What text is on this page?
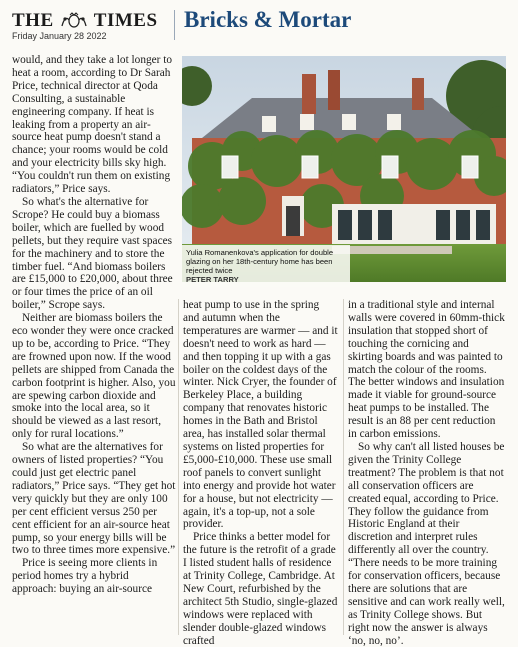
THE TIMES
Friday January 28 2022
Bricks & Mortar
Yulia Romanenkova's application for double glazing on her 18th-century home has been rejected twice
PETER TARRY

would, and they take a lot longer to heat a room, according to Dr Sarah Price, technical director at Qoda Consulting, a sustainable engineering company. If heat is leaking from a property an air-source heat pump doesn't stand a chance; your rooms would be cold and your electricity bills sky high. “You couldn't run them on existing radiators,” Price says.

So what's the alternative for Scrope? He could buy a biomass boiler, which are fuelled by wood pellets, but they require vast spaces for the machinery and to store the timber fuel. “And biomass boilers are £15,000 to £20,000, about three or four times the price of an oil boiler,” Scrope says.

Neither are biomass boilers the eco wonder they were once cracked up to be, according to Price. “They are frowned upon now. If the wood pellets are shipped from Canada the carbon footprint is higher. Also, you are spewing carbon dioxide and smoke into the local area, so it should be viewed as a last resort, only for rural locations.”

So what are the alternatives for owners of listed properties? “You could just get electric panel radiators,” Price says. “They get hot very quickly but they are only 100 per cent efficient versus 250 per cent efficient for an air-source heat pump, so your energy bills will be two to three times more expensive.”

Price is seeing more clients in period homes try a hybrid approach: buying an air-source

heat pump to use in the spring and autumn when the temperatures are warmer — and it doesn't need to work as hard — and then topping it up with a gas boiler on the coldest days of the winter. Nick Cryer, the founder of Berkeley Place, a building company that renovates historic homes in the Bath and Bristol area, has installed solar thermal systems on listed properties for £5,000-£10,000. These use small roof panels to convert sunlight into energy and provide hot water for a house, but not electricity — again, it's a top-up, not a sole provider.

Price thinks a better model for the future is the retrofit of a grade I listed student halls of residence at Trinity College, Cambridge. At New Court, refurbished by the architect 5th Studio, single-glazed windows were replaced with slender double-glazed windows crafted

in a traditional style and internal walls were covered in 60mm-thick insulation that stopped short of touching the cornicing and skirting boards and was painted to match the colour of the rooms. The better windows and insulation made it viable for ground-source heat pumps to be installed. The result is an 88 per cent reduction in carbon emissions.

So why can't all listed houses be given the Trinity College treatment? The problem is that not all conservation officers are created equal, according to Price. They follow the guidance from Historic England at their discretion and interpret rules differently all over the country. “There needs to be more training for conservation officers, because there are solutions that are sensitive and can work really well, as Trinity College shows. But right now the answer is always ‘no, no, no’.
